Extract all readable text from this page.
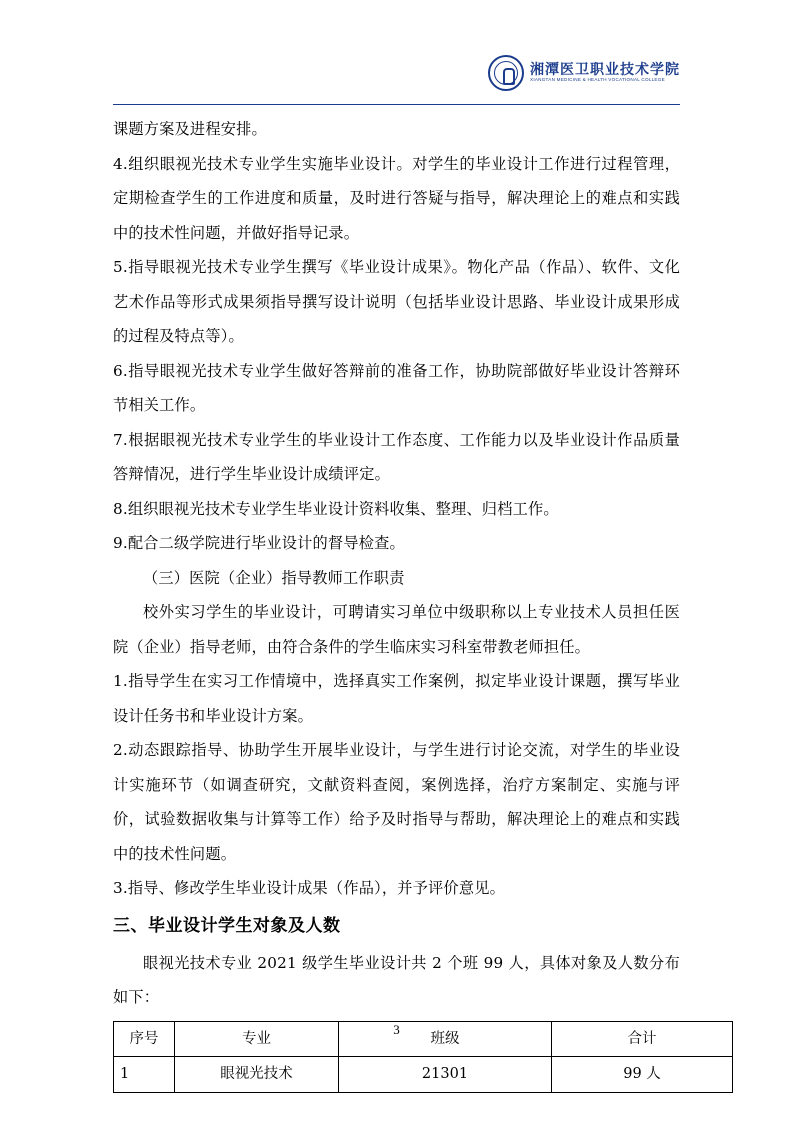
湘潭医卫职业技术学院
XIANGTAN MEDICINE & HEALTH VOCATIONAL COLLEGE

课题方案及进程安排。

4.组织眼视光技术专业学生实施毕业设计。对学生的毕业设计工作进行过程管理，定期检查学生的工作进度和质量，及时进行答疑与指导，解决理论上的难点和实践中的技术性问题，并做好指导记录。

5.指导眼视光技术专业学生撰写《毕业设计成果》。物化产品（作品）、软件、文化艺术作品等形式成果须指导撰写设计说明（包括毕业设计思路、毕业设计成果形成的过程及特点等）。

6.指导眼视光技术专业学生做好答辩前的准备工作，协助院部做好毕业设计答辩环节相关工作。

7.根据眼视光技术专业学生的毕业设计工作态度、工作能力以及毕业设计作品质量答辩情况，进行学生毕业设计成绩评定。

8.组织眼视光技术专业学生毕业设计资料收集、整理、归档工作。

9.配合二级学院进行毕业设计的督导检查。

（三）医院（企业）指导教师工作职责

校外实习学生的毕业设计，可聘请实习单位中级职称以上专业技术人员担任医院（企业）指导老师，由符合条件的学生临床实习科室带教老师担任。

1.指导学生在实习工作情境中，选择真实工作案例，拟定毕业设计课题，撰写毕业设计任务书和毕业设计方案。

2.动态跟踪指导、协助学生开展毕业设计，与学生进行讨论交流，对学生的毕业设计实施环节（如调查研究，文献资料查阅，案例选择，治疗方案制定、实施与评价，试验数据收集与计算等工作）给予及时指导与帮助，解决理论上的难点和实践中的技术性问题。

3.指导、修改学生毕业设计成果（作品），并予评价意见。

三、毕业设计学生对象及人数

眼视光技术专业 2021 级学生毕业设计共 2 个班 99 人，具体对象及人数分布如下：

序号	专业	班级	合计
1	眼视光技术	21301	99 人
3
